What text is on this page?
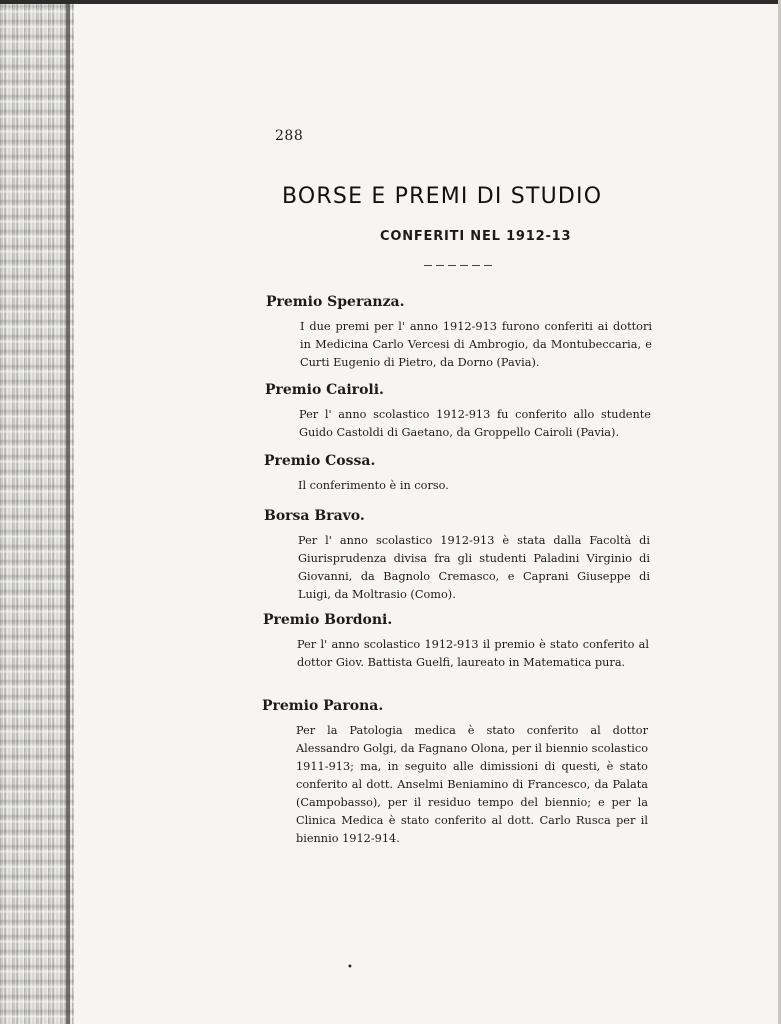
288
BORSE E PREMI DI STUDIO
CONFERITI NEL 1912-13
Premio Speranza.
I due premi per l' anno 1912-913 furono conferiti ai dottori in Medicina Carlo Vercesi di Ambrogio, da Montubeccaria, e Curti Eugenio di Pietro, da Dorno (Pavia).
Premio Cairoli.
Per l' anno scolastico 1912-913 fu conferito allo studente Guido Castoldi di Gaetano, da Groppello Cairoli (Pavia).
Premio Cossa.
Il conferimento è in corso.
Borsa Bravo.
Per l' anno scolastico 1912-913 è stata dalla Facoltà di Giurisprudenza divisa fra gli studenti Paladini Virginio di Giovanni, da Bagnolo Cremasco, e Caprani Giuseppe di Luigi, da Moltrasio (Como).
Premio Bordoni.
Per l' anno scolastico 1912-913 il premio è stato conferito al dottor Giov. Battista Guelfi, laureato in Matematica pura.
Premio Parona.
Per la Patologia medica è stato conferito al dottor Alessandro Golgi, da Fagnano Olona, per il biennio scolastico 1911-913; ma, in seguito alle dimissioni di questi, è stato conferito al dott. Anselmi Beniamino di Francesco, da Palata (Campobasso), per il residuo tempo del biennio; e per la Clinica Medica è stato conferito al dott. Carlo Rusca per il biennio 1912-914.
•
